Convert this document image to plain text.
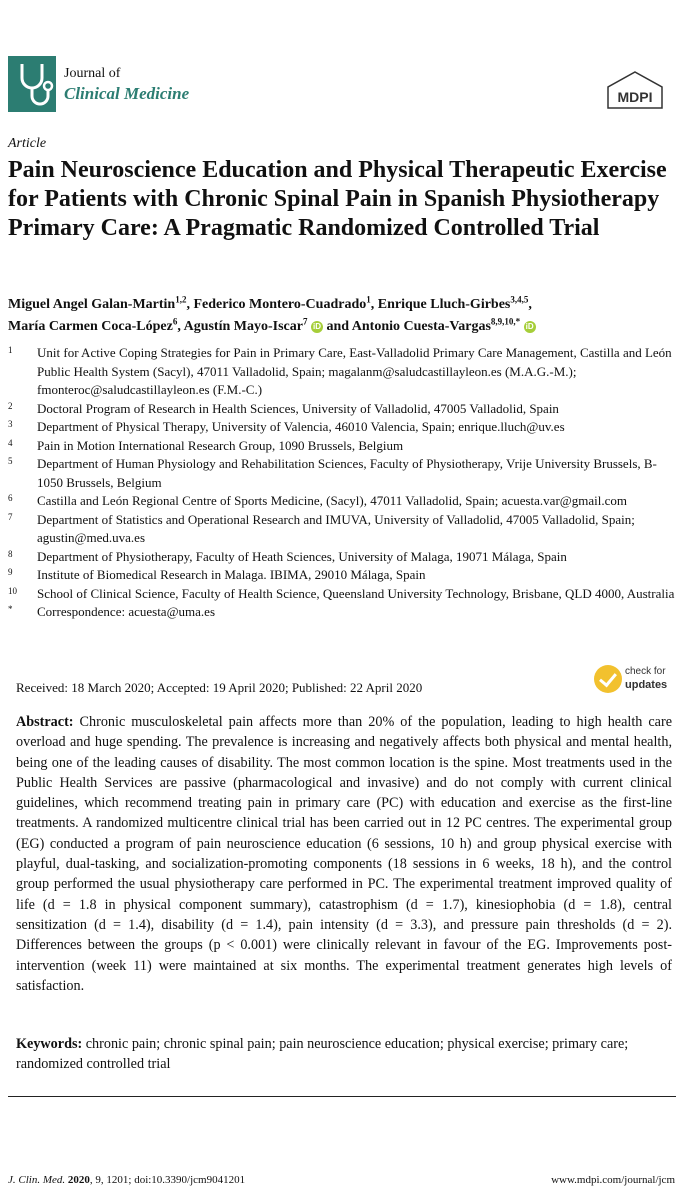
Journal of
Clinical Medicine	MDPI
Article
Pain Neuroscience Education and Physical Therapeutic Exercise for Patients with Chronic Spinal Pain in Spanish Physiotherapy Primary Care: A Pragmatic Randomized Controlled Trial
Miguel Angel Galan-Martin$^{1,2}$, Federico Montero-Cuadrado$^1$, Enrique Lluch-Girbes$^{3,4,5}$,
María Carmen Coca-López$^6$, Agustín Mayo-Iscar$^7$ iD and Antonio Cuesta-Vargas$^{8,9,10,*}$ iD
1	Unit for Active Coping Strategies for Pain in Primary Care, East-Valladolid Primary Care Management, Castilla and León Public Health System (Sacyl), 47011 Valladolid, Spain; magalanm@saludcastillayleon.es (M.A.G.-M.); fmonteroc@saludcastillayleon.es (F.M.-C.)
2	Doctoral Program of Research in Health Sciences, University of Valladolid, 47005 Valladolid, Spain
3	Department of Physical Therapy, University of Valencia, 46010 Valencia, Spain; enrique.lluch@uv.es
4	Pain in Motion International Research Group, 1090 Brussels, Belgium
5	Department of Human Physiology and Rehabilitation Sciences, Faculty of Physiotherapy, Vrije University Brussels, B-1050 Brussels, Belgium
6	Castilla and León Regional Centre of Sports Medicine, (Sacyl), 47011 Valladolid, Spain; acuesta.var@gmail.com
7	Department of Statistics and Operational Research and IMUVA, University of Valladolid, 47005 Valladolid, Spain; agustin@med.uva.es
8	Department of Physiotherapy, Faculty of Heath Sciences, University of Malaga, 19071 Málaga, Spain
9	Institute of Biomedical Research in Malaga. IBIMA, 29010 Málaga, Spain
10	School of Clinical Science, Faculty of Health Science, Queensland University Technology, Brisbane, QLD 4000, Australia
*	Correspondence: acuesta@uma.es
Received: 18 March 2020; Accepted: 19 April 2020; Published: 22 April 2020
check for
updates
Abstract: Chronic musculoskeletal pain affects more than 20% of the population, leading to high health care overload and huge spending. The prevalence is increasing and negatively affects both physical and mental health, being one of the leading causes of disability. The most common location is the spine. Most treatments used in the Public Health Services are passive (pharmacological and invasive) and do not comply with current clinical guidelines, which recommend treating pain in primary care (PC) with education and exercise as the first-line treatments. A randomized multicentre clinical trial has been carried out in 12 PC centres. The experimental group (EG) conducted a program of pain neuroscience education (6 sessions, 10 h) and group physical exercise with playful, dual-tasking, and socialization-promoting components (18 sessions in 6 weeks, 18 h), and the control group performed the usual physiotherapy care performed in PC. The experimental treatment improved quality of life (d = 1.8 in physical component summary), catastrophism (d = 1.7), kinesiophobia (d = 1.8), central sensitization (d = 1.4), disability (d = 1.4), pain intensity (d = 3.3), and pressure pain thresholds (d = 2). Differences between the groups (p < 0.001) were clinically relevant in favour of the EG. Improvements post-intervention (week 11) were maintained at six months. The experimental treatment generates high levels of satisfaction.
Keywords: chronic pain; chronic spinal pain; pain neuroscience education; physical exercise; primary care; randomized controlled trial
J. Clin. Med. 2020, 9, 1201; doi:10.3390/jcm9041201	www.mdpi.com/journal/jcm
